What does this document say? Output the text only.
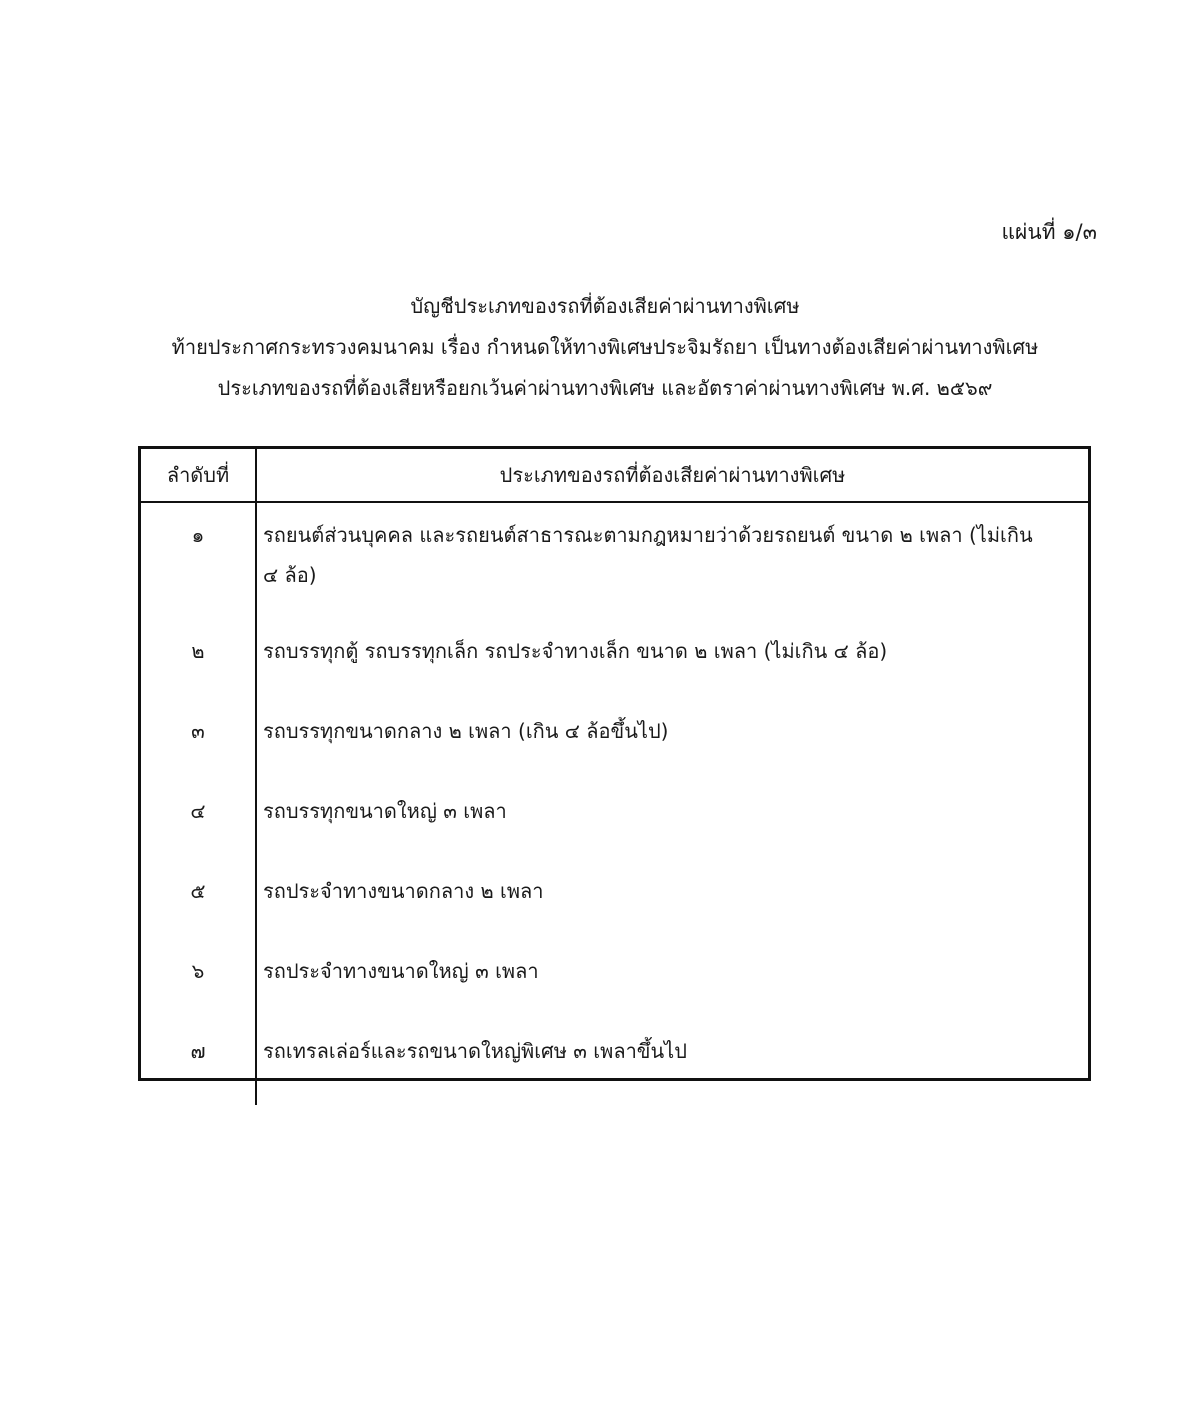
แผ่นที่ ๑/๓
บัญชีประเภทของรถที่ต้องเสียค่าผ่านทางพิเศษ
ท้ายประกาศกระทรวงคมนาคม เรื่อง กำหนดให้ทางพิเศษประจิมรัถยา เป็นทางต้องเสียค่าผ่านทางพิเศษ
ประเภทของรถที่ต้องเสียหรือยกเว้นค่าผ่านทางพิเศษ และอัตราค่าผ่านทางพิเศษ พ.ศ. ๒๕๖๙
ลำดับที่	ประเภทของรถที่ต้องเสียค่าผ่านทางพิเศษ
๑	รถยนต์ส่วนบุคคล และรถยนต์สาธารณะตามกฎหมายว่าด้วยรถยนต์ ขนาด ๒ เพลา (ไม่เกิน ๔ ล้อ)

๒	รถบรรทุกตู้ รถบรรทุกเล็ก รถประจำทางเล็ก ขนาด ๒ เพลา (ไม่เกิน ๔ ล้อ)

๓	รถบรรทุกขนาดกลาง ๒ เพลา (เกิน ๔ ล้อขึ้นไป)

๔	รถบรรทุกขนาดใหญ่ ๓ เพลา

๕	รถประจำทางขนาดกลาง ๒ เพลา

๖	รถประจำทางขนาดใหญ่ ๓ เพลา

๗	รถเทรลเล่อร์และรถขนาดใหญ่พิเศษ ๓ เพลาขึ้นไป
